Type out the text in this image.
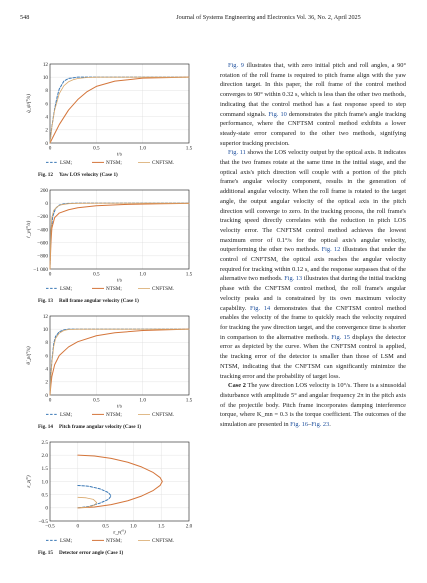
548	Journal of Systems Engineering and Electronics Vol. 36, No. 2, April 2025
0	0.5	1.0	1.5
0
2
4
6
8
10
12
t/s
q̇_ψ/(°/s)
LSM;	NTSM;	CNFTSM.
Fig. 12 Yaw LOS velocity (Case 1)
0	0.5	1.0	1.5
−1 000
−800
−600
−400
−200
0
200
t/s
ṙ_y/(°/s)
LSM;	NTSM;	CNFTSM.
Fig. 13 Roll frame angular velocity (Case 1)
0	0.5	1.0	1.5
0
2
4
6
8
10
12
t/s
θ̇_p/(°/s)
LSM;	NTSM;	CNFTSM.
Fig. 14 Pitch frame angular velocity (Case 1)
−0.5	0	0.5	1.0	1.5	2.0
−0.5
0
0.5
1.0
1.5
2.0
2.5
ε_y(°)
ε_z(°)
LSM;	NTSM;	CNFTSM.
Fig. 15 Detector error angle (Case 1)

Fig. 9 illustrates that, with zero initial pitch and roll angles, a 90° rotation of the roll frame is required to pitch frame align with the yaw direction target. In this paper, the roll frame of the control method converges to 90° within 0.32 s, which is less than the other two methods, indicating that the control method has a fast response speed to step command signals. Fig. 10 demonstrates the pitch frame's angle tracking performance, where the CNFTSM control method exhibits a lower steady-state error compared to the other two methods, signifying superior tracking precision.

Fig. 11 shows the LOS velocity output by the optical axis. It indicates that the two frames rotate at the same time in the initial stage, and the optical axis's pitch direction will couple with a portion of the pitch frame's angular velocity component, results in the generation of additional angular velocity. When the roll frame is rotated to the target angle, the output angular velocity of the optical axis in the pitch direction will converge to zero. In the tracking process, the roll frame's tracking speed directly correlates with the reduction in pitch LOS velocity error. The CNFTSM control method achieves the lowest maximum error of 0.1°/s for the optical axis's angular velocity, outperforming the other two methods. Fig. 12 illustrates that under the control of CNFTSM, the optical axis reaches the angular velocity required for tracking within 0.12 s, and the response surpasses that of the alternative two methods. Fig. 13 illustrates that during the initial tracking phase with the CNFTSM control method, the roll frame's angular velocity peaks and is constrained by its own maximum velocity capability. Fig. 14 demonstrates that the CNFTSM control method enables the velocity of the frame to quickly reach the velocity required for tracking the yaw direction target, and the convergence time is shorter in comparison to the alternative methods. Fig. 15 displays the detector error as depicted by the curve. When the CNFTSM control is applied, the tracking error of the detector is smaller than those of LSM and NTSM, indicating that the CNFTSM can significantly minimize the tracking error and the probability of target loss.

Case 2 The yaw direction LOS velocity is 10°/s. There is a sinusoidal disturbance with amplitude 5° and angular frequency 2π in the pitch axis of the projectile body. Pitch frame incorporates damping interference torque, where K_mn = 0.3 is the torque coefficient. The outcomes of the simulation are presented in Fig. 16–Fig. 23.
